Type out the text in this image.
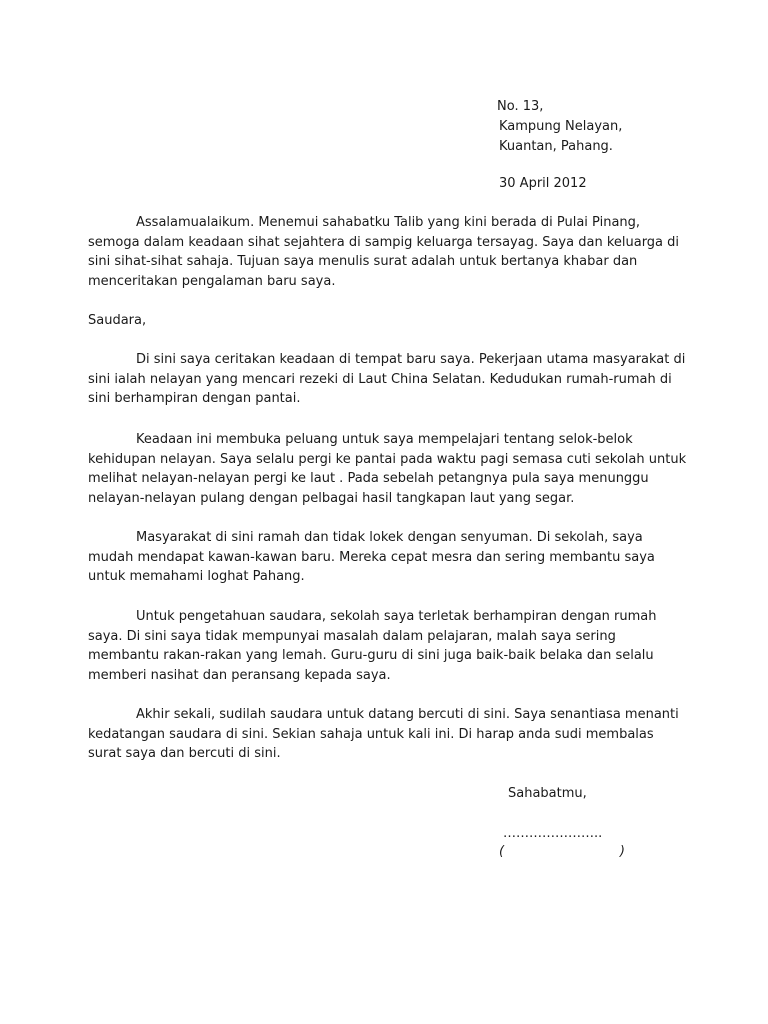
No. 13,
Kampung Nelayan,
Kuantan, Pahang.
30 April 2012

Assalamualaikum. Menemui sahabatku Talib yang kini berada di Pulai Pinang, semoga dalam keadaan sihat sejahtera di sampig keluarga tersayag. Saya dan keluarga di sini sihat-sihat sahaja. Tujuan saya menulis surat adalah untuk bertanya khabar dan menceritakan pengalaman baru saya.

Saudara,

Di sini saya ceritakan keadaan di tempat baru saya. Pekerjaan utama masyarakat di sini ialah nelayan yang mencari rezeki di Laut China Selatan. Kedudukan rumah-rumah di sini berhampiran dengan pantai.

Keadaan ini membuka peluang untuk saya mempelajari tentang selok-belok kehidupan nelayan. Saya selalu pergi ke pantai pada waktu pagi semasa cuti sekolah untuk melihat nelayan-nelayan pergi ke laut . Pada sebelah petangnya pula saya menunggu nelayan-nelayan pulang dengan pelbagai hasil tangkapan laut yang segar.

Masyarakat di sini ramah dan tidak lokek dengan senyuman. Di sekolah, saya mudah mendapat kawan-kawan baru. Mereka cepat mesra dan sering membantu saya untuk memahami loghat Pahang.

Untuk pengetahuan saudara, sekolah saya terletak berhampiran dengan rumah saya. Di sini saya tidak mempunyai masalah dalam pelajaran, malah saya sering membantu rakan-rakan yang lemah. Guru-guru di sini juga baik-baik belaka dan selalu memberi nasihat dan peransang kepada saya.

Akhir sekali, sudilah saudara untuk datang bercuti di sini. Saya senantiasa menanti kedatangan saudara di sini. Sekian sahaja untuk kali ini. Di harap anda sudi membalas surat saya dan bercuti di sini.

Sahabatmu,
…………………..
(	)
